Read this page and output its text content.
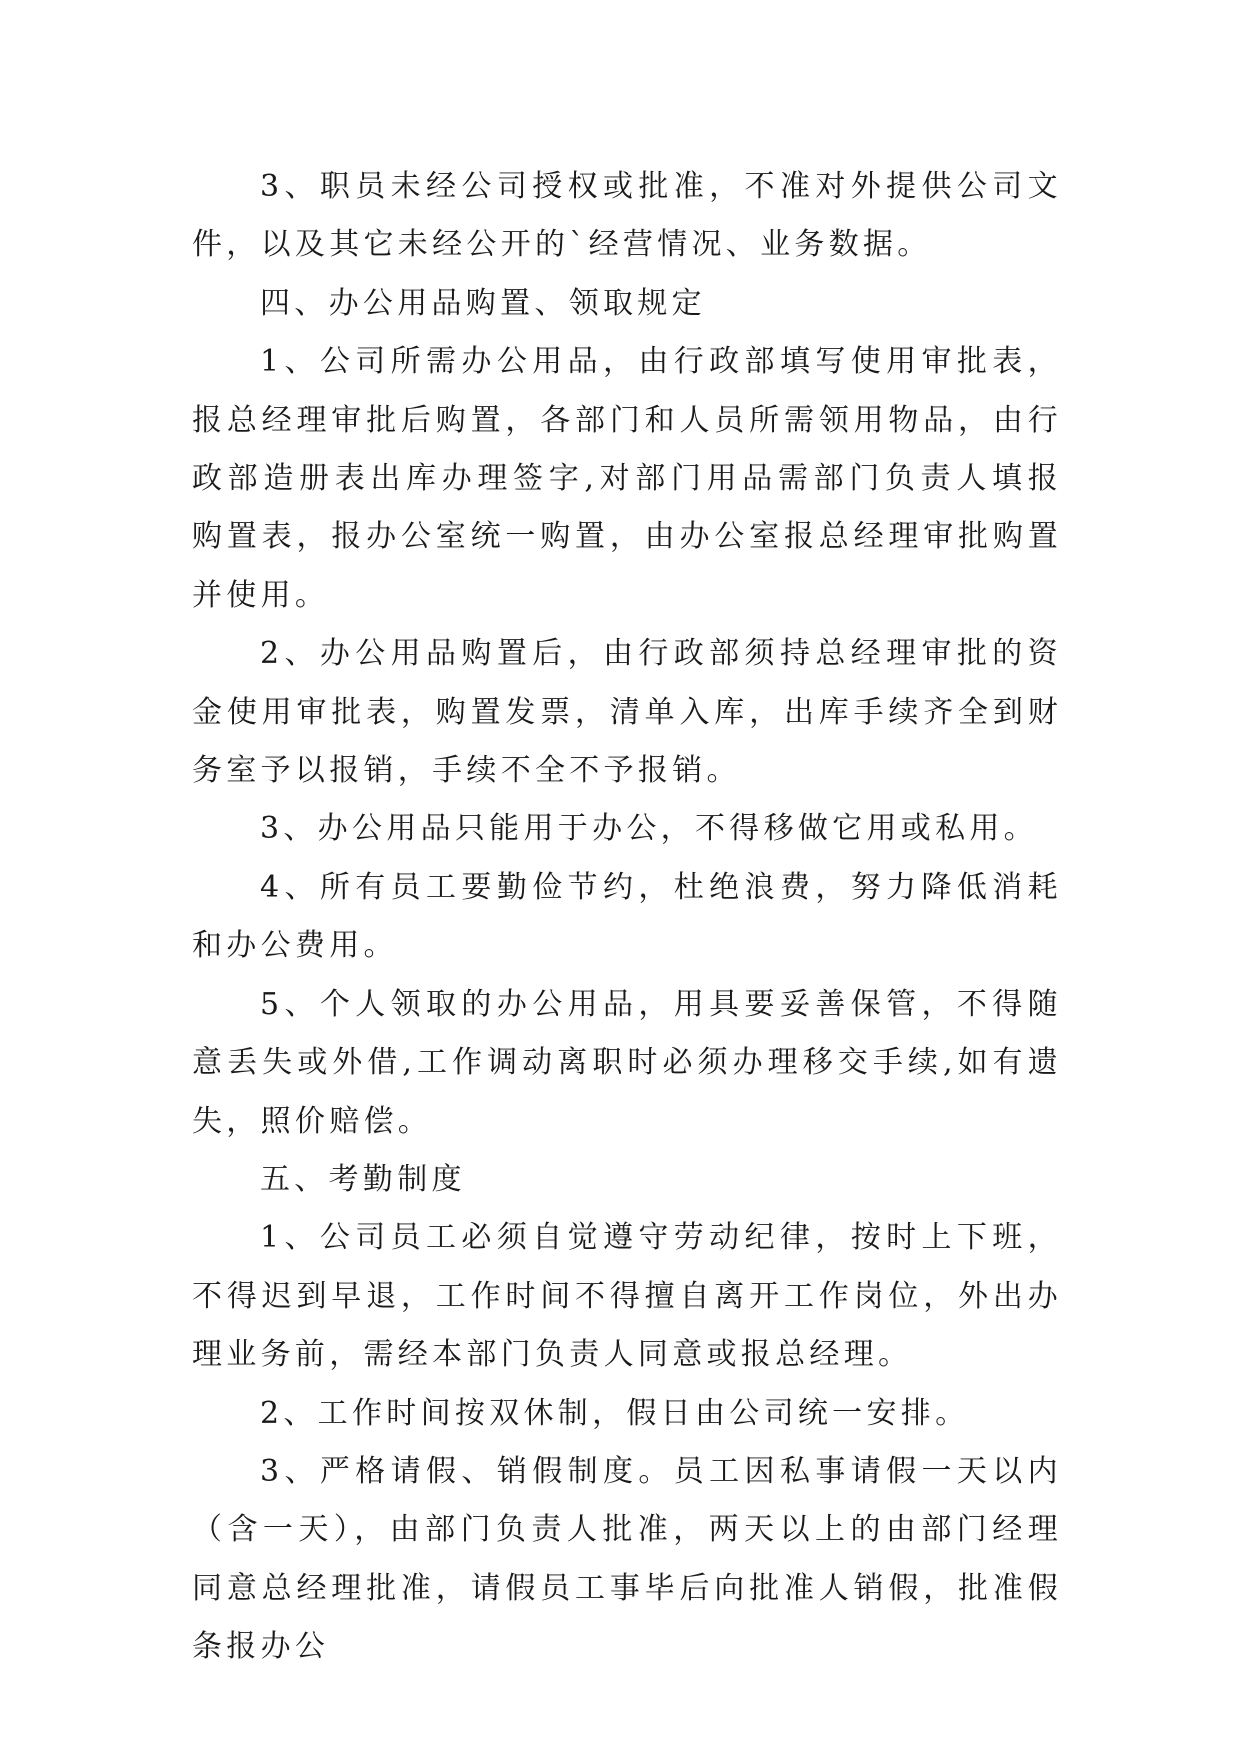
3、职员未经公司授权或批准，不准对外提供公司文件，以及其它未经公开的`经营情况、业务数据。

四、办公用品购置、领取规定

1、公司所需办公用品，由行政部填写使用审批表，报总经理审批后购置，各部门和人员所需领用物品，由行政部造册表出库办理签字,对部门用品需部门负责人填报购置表，报办公室统一购置，由办公室报总经理审批购置并使用。

2、办公用品购置后，由行政部须持总经理审批的资金使用审批表，购置发票，清单入库，出库手续齐全到财务室予以报销，手续不全不予报销。

3、办公用品只能用于办公，不得移做它用或私用。

4、所有员工要勤俭节约，杜绝浪费，努力降低消耗和办公费用。

5、个人领取的办公用品，用具要妥善保管，不得随意丢失或外借,工作调动离职时必须办理移交手续,如有遗失，照价赔偿。

五、考勤制度

1、公司员工必须自觉遵守劳动纪律，按时上下班，不得迟到早退，工作时间不得擅自离开工作岗位，外出办理业务前，需经本部门负责人同意或报总经理。

2、工作时间按双休制，假日由公司统一安排。

3、严格请假、销假制度。员工因私事请假一天以内（含一天），由部门负责人批准，两天以上的由部门经理同意总经理批准，请假员工事毕后向批准人销假，批准假条报办公
